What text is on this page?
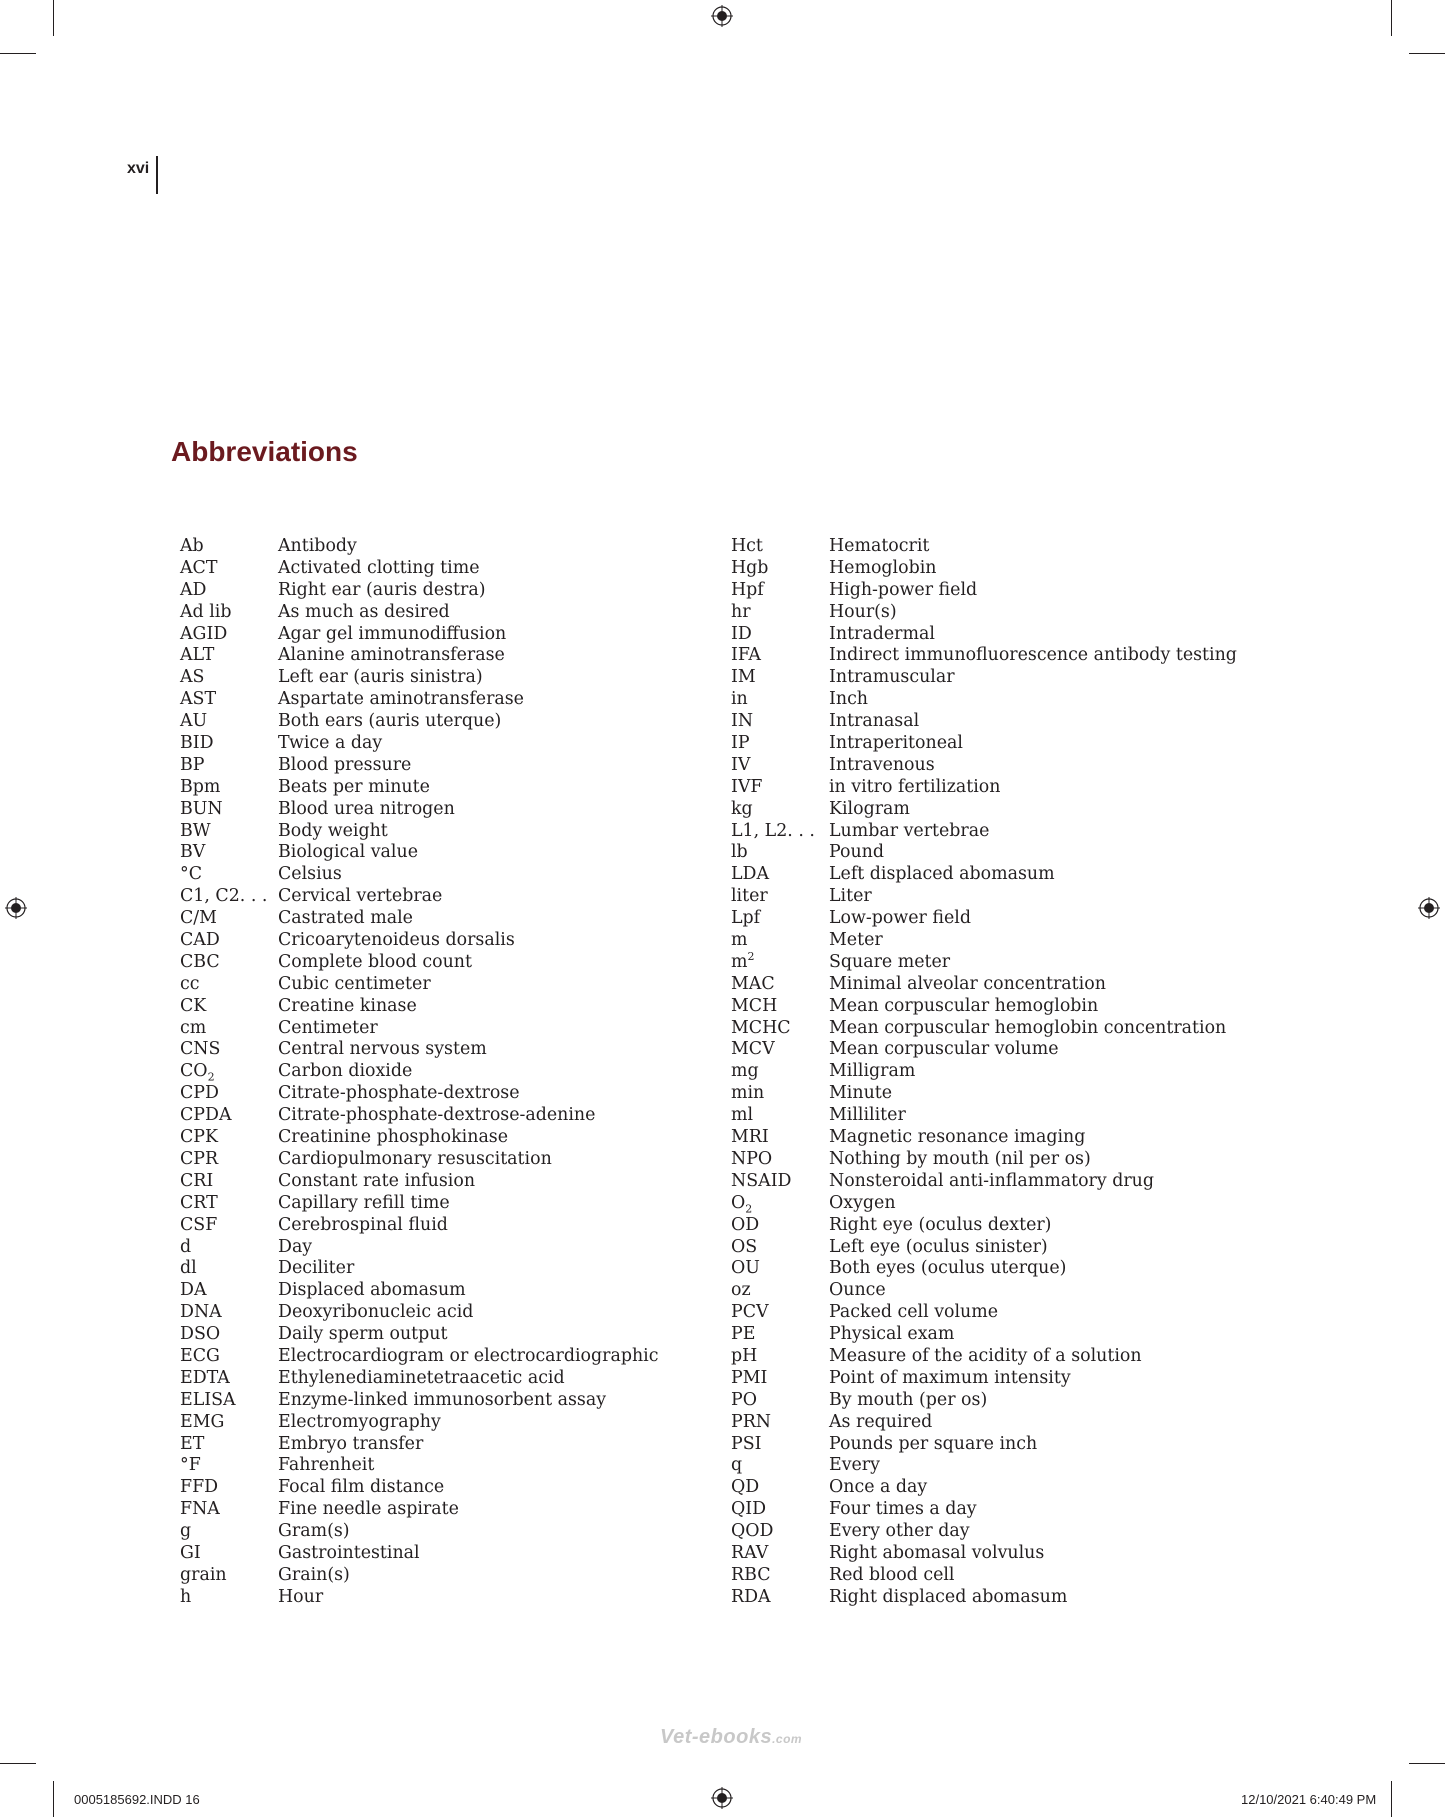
xvi
Abbreviations
Ab	Antibody
ACT	Activated clotting time
AD	Right ear (auris destra)
Ad lib	As much as desired
AGID	Agar gel immunodiffusion
ALT	Alanine aminotransferase
AS	Left ear (auris sinistra)
AST	Aspartate aminotransferase
AU	Both ears (auris uterque)
BID	Twice a day
BP	Blood pressure
Bpm	Beats per minute
BUN	Blood urea nitrogen
BW	Body weight
BV	Biological value
°C	Celsius
C1, C2. . . Cervical vertebrae
C/M	Castrated male
CAD	Cricoarytenoideus dorsalis
CBC	Complete blood count
cc	Cubic centimeter
CK	Creatine kinase
cm	Centimeter
CNS	Central nervous system
$CO_2$	Carbon dioxide
CPD	Citrate-phosphate-dextrose
CPDA	Citrate-phosphate-dextrose-adenine
CPK	Creatinine phosphokinase
CPR	Cardiopulmonary resuscitation
CRI	Constant rate infusion
CRT	Capillary refill time
CSF	Cerebrospinal fluid
d	Day
dl	Deciliter
DA	Displaced abomasum
DNA	Deoxyribonucleic acid
DSO	Daily sperm output
ECG	Electrocardiogram or electrocardiographic
EDTA	Ethylenediaminetetraacetic acid
ELISA Enzyme-linked immunosorbent assay
EMG	Electromyography
ET	Embryo transfer
°F	Fahrenheit
FFD	Focal film distance
FNA	Fine needle aspirate
g	Gram(s)
GI	Gastrointestinal
grain	Grain(s)
h	Hour
Hct	Hematocrit
Hgb	Hemoglobin
Hpf	High-power field
hr	Hour(s)
ID	Intradermal
IFA	Indirect immunofluorescence antibody testing
IM	Intramuscular
in	Inch
IN	Intranasal
IP	Intraperitoneal
IV	Intravenous
IVF	in vitro fertilization
kg	Kilogram
L1, L2. . . Lumbar vertebrae
lb	Pound
LDA	Left displaced abomasum
liter	Liter
Lpf	Low-power field
m	Meter
$m^2$	Square meter
MAC	Minimal alveolar concentration
MCH	Mean corpuscular hemoglobin
MCHC Mean corpuscular hemoglobin concentration
MCV	Mean corpuscular volume
mg	Milligram
min	Minute
ml	Milliliter
MRI	Magnetic resonance imaging
NPO	Nothing by mouth (nil per os)
NSAID Nonsteroidal anti-inflammatory drug
$O_2$	Oxygen
OD	Right eye (oculus dexter)
OS	Left eye (oculus sinister)
OU	Both eyes (oculus uterque)
oz	Ounce
PCV	Packed cell volume
PE	Physical exam
pH	Measure of the acidity of a solution
PMI	Point of maximum intensity
PO	By mouth (per os)
PRN	As required
PSI	Pounds per square inch
q	Every
QD	Once a day
QID	Four times a day
QOD	Every other day
RAV	Right abomasal volvulus
RBC	Red blood cell
RDA	Right displaced abomasum
Vet-ebooks.com
0005185692.INDD 16	12/10/2021 6:40:49 PM
